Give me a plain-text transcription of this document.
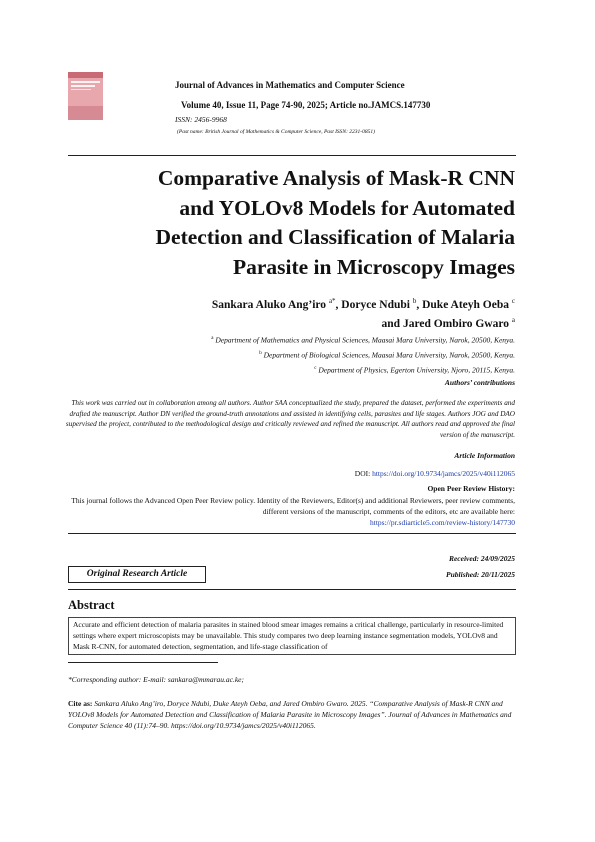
Journal of Advances in Mathematics and Computer Science
Volume 40, Issue 11, Page 74-90, 2025; Article no.JAMCS.147730
ISSN: 2456-9968
(Past name: British Journal of Mathematics & Computer Science, Past ISSN: 2231-0851)
Comparative Analysis of Mask-R CNN
and YOLOv8 Models for Automated
Detection and Classification of Malaria
Parasite in Microscopy Images
Sankara Aluko Ang’iro $^{a*}$, Doryce Ndubi $^b$, Duke Ateyh Oeba $^c$
and Jared Ombiro Gwaro $^a$
$^a$ Department of Mathematics and Physical Sciences, Maasai Mara University, Narok, 20500, Kenya.
$^b$ Department of Biological Sciences, Maasai Mara University, Narok, 20500, Kenya.
$^c$ Department of Physics, Egerton University, Njoro, 20115, Kenya.
Authors’ contributions
This work was carried out in collaboration among all authors. Author SAA conceptualized the study, prepared the dataset, performed the experiments and drafted the manuscript. Author DN verified the ground-truth annotations and assisted in identifying cells, parasites and life stages. Authors JOG and DAO supervised the project, contributed to the methodological design and critically reviewed and refined the manuscript. All authors read and approved the final version of the manuscript.
Article Information
DOI: https://doi.org/10.9734/jamcs/2025/v40i112065
Open Peer Review History:
This journal follows the Advanced Open Peer Review policy. Identity of the Reviewers, Editor(s) and additional Reviewers, peer review comments, different versions of the manuscript, comments of the editors, etc are available here:
https://pr.sdiarticle5.com/review-history/147730
Received: 24/09/2025
Original Research Article	Published: 20/11/2025
Abstract
Accurate and efficient detection of malaria parasites in stained blood smear images remains a critical challenge, particularly in resource-limited settings where expert microscopists may be unavailable. This study compares two deep learning instance segmentation models, YOLOv8 and Mask R-CNN, for automated detection, segmentation, and life-stage classification of
*Corresponding author: E-mail: sankara@mmarau.ac.ke;
Cite as: Sankara Aluko Ang’iro, Doryce Ndubi, Duke Ateyh Oeba, and Jared Ombiro Gwaro. 2025. “Comparative Analysis of Mask-R CNN and YOLOv8 Models for Automated Detection and Classification of Malaria Parasite in Microscopy Images”. Journal of Advances in Mathematics and Computer Science 40 (11):74–90. https://doi.org/10.9734/jamcs/2025/v40i112065.
